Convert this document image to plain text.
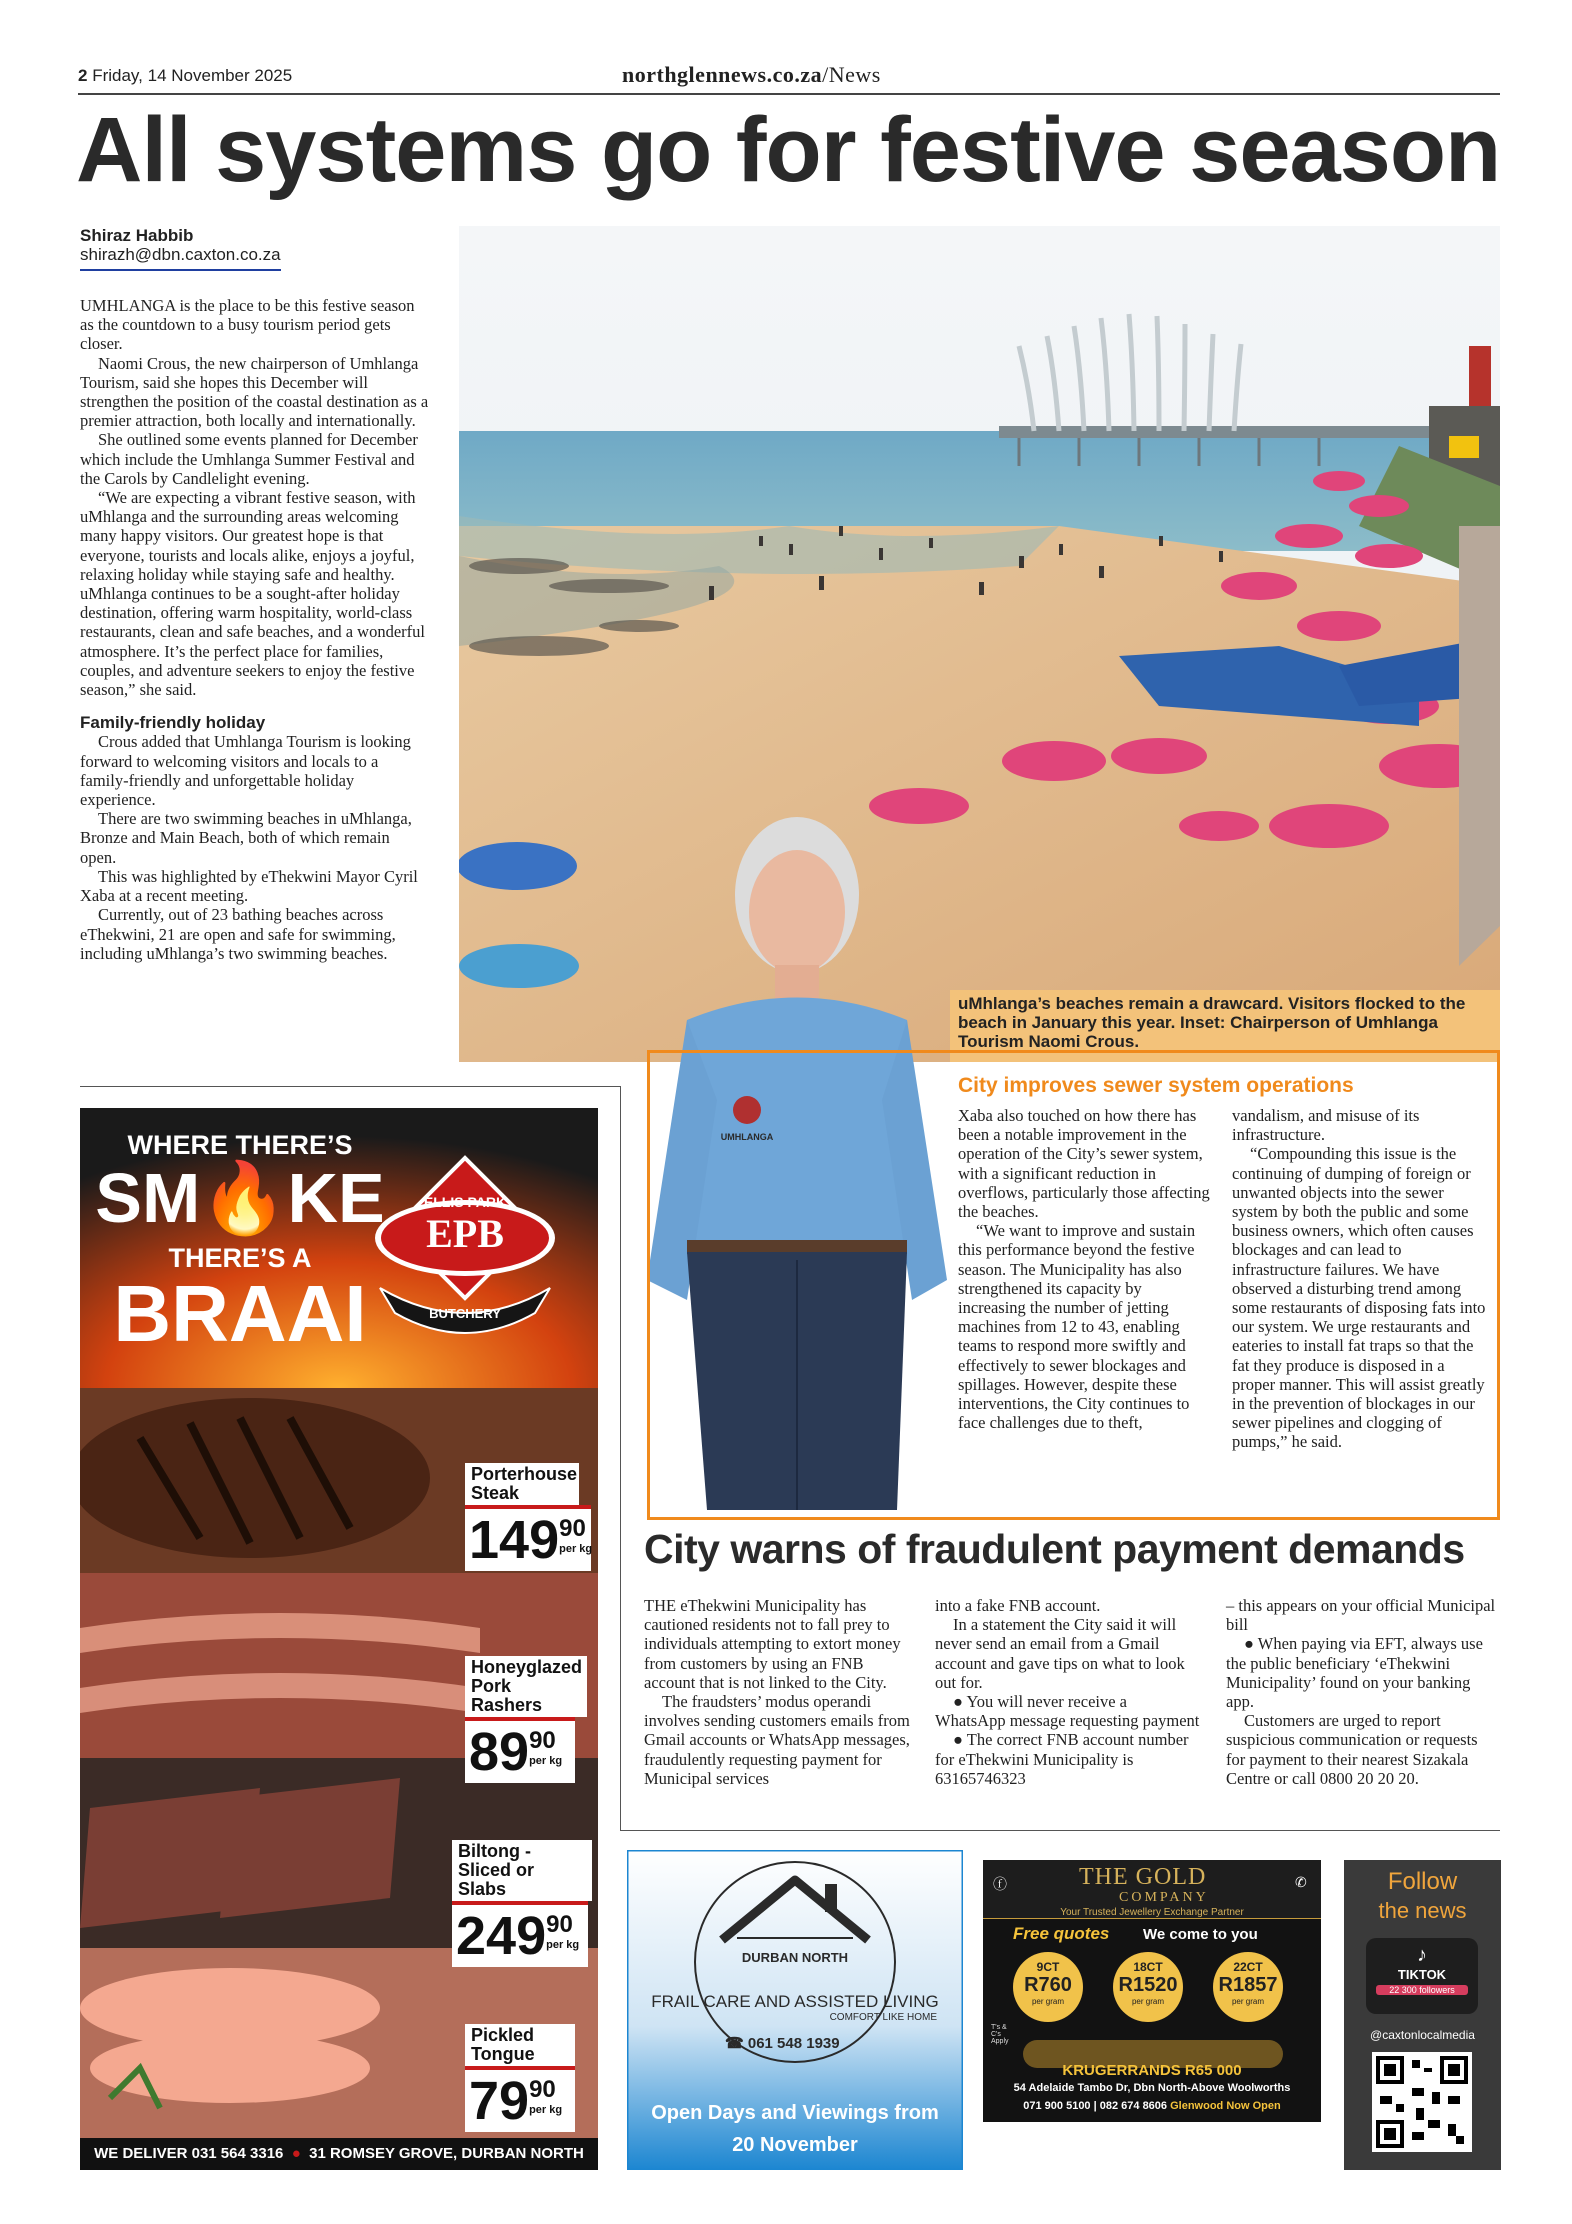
2 Friday, 14 November 2025	northglennews.co.za/News
All systems go for festive season
Shiraz Habbib
shirazh@dbn.caxton.co.za

UMHLANGA is the place to be this festive season as the countdown to a busy tourism period gets closer.

Naomi Crous, the new chairperson of Umhlanga Tourism, said she hopes this December will strengthen the position of the coastal destination as a premier attraction, both locally and internationally.

She outlined some events planned for December which include the Umhlanga Summer Festival and the Carols by Candlelight evening.

“We are expecting a vibrant festive season, with uMhlanga and the surrounding areas welcoming many happy visitors. Our greatest hope is that everyone, tourists and locals alike, enjoys a joyful, relaxing holiday while staying safe and healthy. uMhlanga continues to be a sought-after holiday destination, offering warm hospitality, world-class restaurants, clean and safe beaches, and a wonderful atmosphere. It’s the perfect place for families, couples, and adventure seekers to enjoy the festive season,” she said.

Family-friendly holiday

Crous added that Umhlanga Tourism is looking forward to welcoming visitors and locals to a family-friendly and unforgettable holiday experience.

There are two swimming beaches in uMhlanga, Bronze and Main Beach, both of which remain open.

This was highlighted by eThekwini Mayor Cyril Xaba at a recent meeting.

Currently, out of 23 bathing beaches across eThekwini, 21 are open and safe for swimming, including uMhlanga’s two swimming beaches.

UMHLANGA
uMhlanga’s beaches remain a drawcard. Visitors flocked to the beach in January this year. Inset: Chairperson of Umhlanga Tourism Naomi Crous.
City improves sewer system operations

Xaba also touched on how there has been a notable improvement in the operation of the City’s sewer system, with a significant reduction in overflows, particularly those affecting the beaches.

“We want to improve and sustain this performance beyond the festive season. The Municipality has also strengthened its capacity by increasing the number of jetting machines from 12 to 43, enabling teams to respond more swiftly and effectively to sewer blockages and spillages. However, despite these interventions, the City continues to face challenges due to theft,

vandalism, and misuse of its infrastructure.

“Compounding this issue is the continuing of dumping of foreign or unwanted objects into the sewer system by both the public and some business owners, which often causes blockages and can lead to infrastructure failures. We have observed a disturbing trend among some restaurants of disposing fats into our system. We urge restaurants and eateries to install fat traps so that the fat they produce is disposed in a proper manner. This will assist greatly in the prevention of blockages in our sewer pipelines and clogging of pumps,” he said.

City warns of fraudulent payment demands

THE eThekwini Municipality has cautioned residents not to fall prey to individuals attempting to extort money from customers by using an FNB account that is not linked to the City.

The fraudsters’ modus operandi involves sending customers emails from Gmail accounts or WhatsApp messages, fraudulently requesting payment for Municipal services

into a fake FNB account.

In a statement the City said it will never send an email from a Gmail account and gave tips on what to look out for.

● You will never receive a WhatsApp message requesting payment

● The correct FNB account number for eThekwini Municipality is 63165746323

– this appears on your official Municipal bill

● When paying via EFT, always use the public beneficiary ‘eThekwini Municipality’ found on your banking app.

Customers are urged to report suspicious communication or requests for payment to their nearest Sizakala Centre or call 0800 20 20 20.

WHERE THERE’S
SM🔥KE
THERE’S A
BRAAI
ELLIS PARK
EPB
BUTCHERY
Porterhouse
Steak
149 90
per kg
Honeyglazed
Pork Rashers
89 90
per kg
Biltong -
Sliced or Slabs
249 90
per kg
Pickled
Tongue
79 90
per kg
WE DELIVER 031 564 3316  ●  31 ROMSEY GROVE, DURBAN NORTH
DURBAN NORTH
FRAIL CARE AND ASSISTED LIVING
COMFORT LIKE HOME
☎ 061 548 1939
Open Days and Viewings from
20 November
ⓕ	✆
THE GOLD
COMPANY
Your Trusted Jewellery Exchange Partner
Free quotes We come to you
9CT
R760
per gram
18CT
R1520
per gram
22CT
R1857
per gram
T's & C's Apply
KRUGERRANDS R65 000
54 Adelaide Tambo Dr, Dbn North-Above Woolworths
071 900 5100 | 082 674 8606 Glenwood Now Open
Follow
the news
♪
TIKTOK
22 300 followers
@caxtonlocalmedia
